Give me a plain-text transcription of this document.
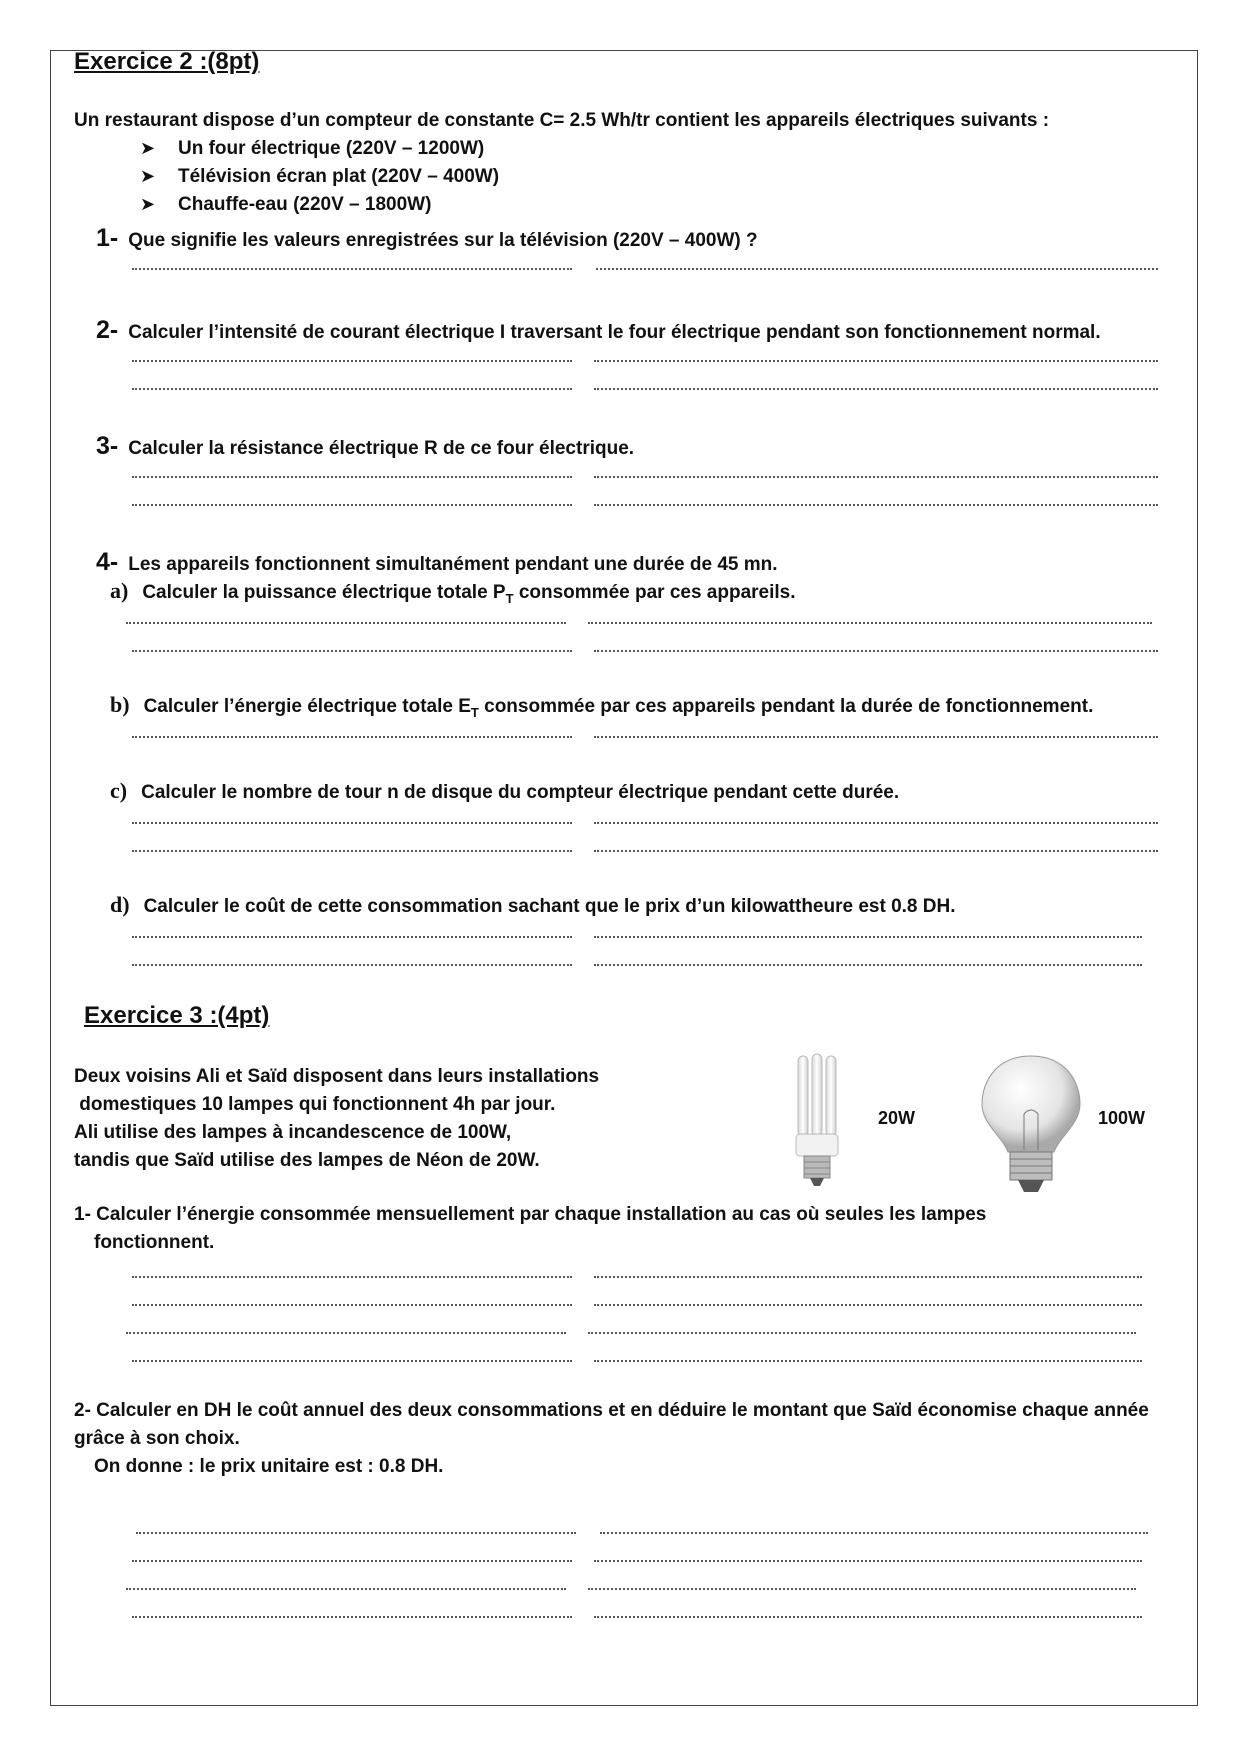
Exercice 2 :(8pt)
Un restaurant dispose d’un compteur de constante C= 2.5 Wh/tr contient les appareils électriques suivants :
➤ Un four électrique (220V – 1200W)
➤ Télévision écran plat (220V – 400W)
➤ Chauffe-eau (220V – 1800W)
1- Que signifie les valeurs enregistrées sur la télévision (220V – 400W) ?
2- Calculer l’intensité de courant électrique I traversant le four électrique pendant son fonctionnement normal.
3- Calculer la résistance électrique R de ce four électrique.
4- Les appareils fonctionnent simultanément pendant une durée de 45 mn.
a) Calculer la puissance électrique totale $P_T$ consommée par ces appareils.
b) Calculer l’énergie électrique totale $E_T$ consommée par ces appareils pendant la durée de fonctionnement.
c) Calculer le nombre de tour n de disque du compteur électrique pendant cette durée.
d) Calculer le coût de cette consommation sachant que le prix d’un kilowattheure est 0.8 DH.
Exercice 3 :(4pt)
Deux voisins Ali et Saïd disposent dans leurs installations
domestiques 10 lampes qui fonctionnent 4h par jour.
Ali utilise des lampes à incandescence de 100W,
tandis que Saïd utilise des lampes de Néon de 20W.
20W	100W
1- Calculer l’énergie consommée mensuellement par chaque installation au cas où seules les lampes
fonctionnent.
2- Calculer en DH le coût annuel des deux consommations et en déduire le montant que Saïd économise chaque année
grâce à son choix.
On donne : le prix unitaire est : 0.8 DH.
